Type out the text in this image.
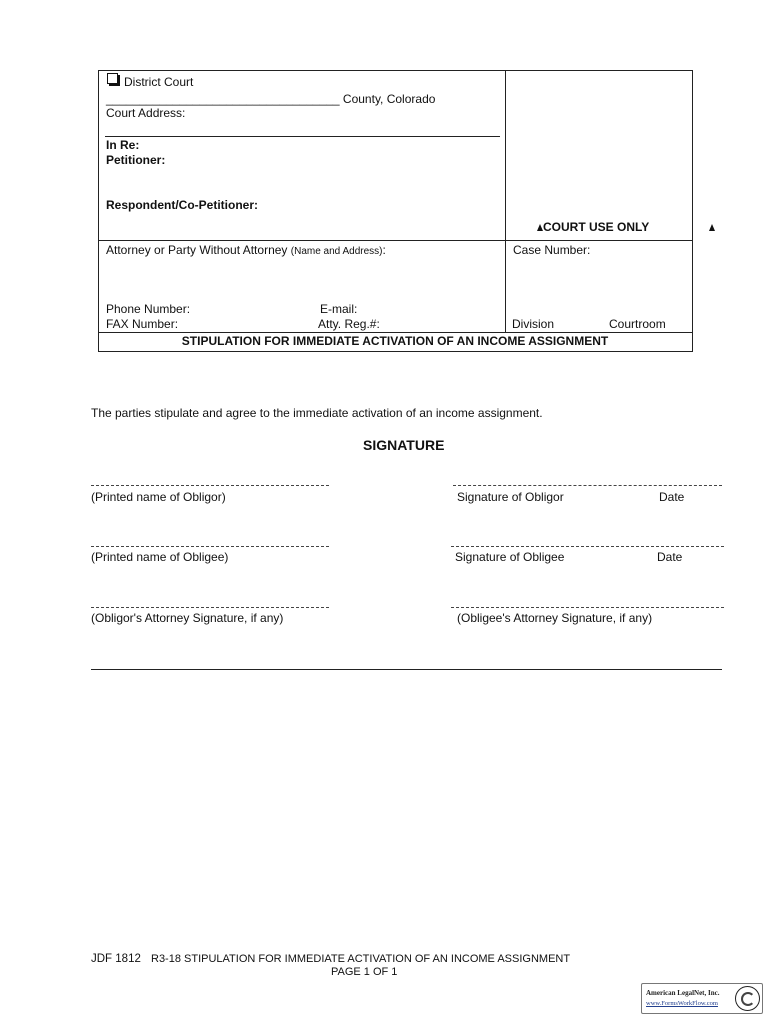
District Court
___________________________________ County, Colorado
Court Address:
In Re:
Petitioner:
Respondent/Co-Petitioner:
COURT USE ONLY
Attorney or Party Without Attorney (Name and Address):	Case Number:
Phone Number:	E-mail:
FAX Number:	Atty. Reg.#:	Division	Courtroom
STIPULATION FOR IMMEDIATE ACTIVATION OF AN INCOME ASSIGNMENT
The parties stipulate and agree to the immediate activation of an income assignment.
SIGNATURE
(Printed name of Obligor)	Signature of Obligor	Date
(Printed name of Obligee)	Signature of Obligee	Date
(Obligor's Attorney Signature, if any)	(Obligee's Attorney Signature, if any)
JDF 1812 R3-18 STIPULATION FOR IMMEDIATE ACTIVATION OF AN INCOME ASSIGNMENT
PAGE 1 OF 1
American LegalNet, Inc.
www.FormsWorkFlow.com
